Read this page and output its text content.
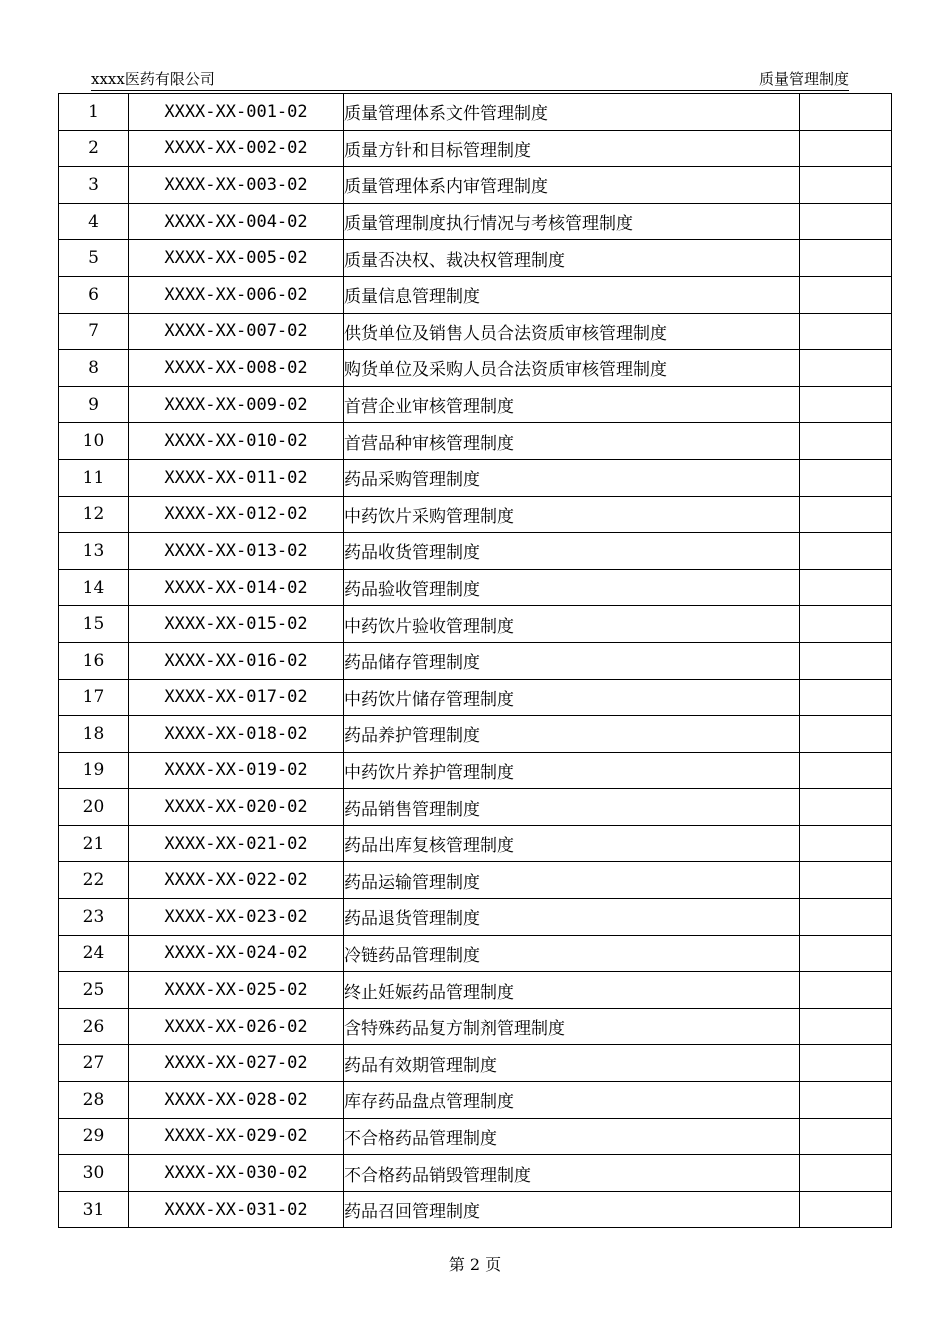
xxxx医药有限公司	质量管理制度
1	XXXX-XX-001-02	质量管理体系文件管理制度	
2	XXXX-XX-002-02	质量方针和目标管理制度	
3	XXXX-XX-003-02	质量管理体系内审管理制度	
4	XXXX-XX-004-02	质量管理制度执行情况与考核管理制度	
5	XXXX-XX-005-02	质量否决权、裁决权管理制度	
6	XXXX-XX-006-02	质量信息管理制度	
7	XXXX-XX-007-02	供货单位及销售人员合法资质审核管理制度	
8	XXXX-XX-008-02	购货单位及采购人员合法资质审核管理制度	
9	XXXX-XX-009-02	首营企业审核管理制度	
10	XXXX-XX-010-02	首营品种审核管理制度	
11	XXXX-XX-011-02	药品采购管理制度	
12	XXXX-XX-012-02	中药饮片采购管理制度	
13	XXXX-XX-013-02	药品收货管理制度	
14	XXXX-XX-014-02	药品验收管理制度	
15	XXXX-XX-015-02	中药饮片验收管理制度	
16	XXXX-XX-016-02	药品储存管理制度	
17	XXXX-XX-017-02	中药饮片储存管理制度	
18	XXXX-XX-018-02	药品养护管理制度	
19	XXXX-XX-019-02	中药饮片养护管理制度	
20	XXXX-XX-020-02	药品销售管理制度	
21	XXXX-XX-021-02	药品出库复核管理制度	
22	XXXX-XX-022-02	药品运输管理制度	
23	XXXX-XX-023-02	药品退货管理制度	
24	XXXX-XX-024-02	冷链药品管理制度	
25	XXXX-XX-025-02	终止妊娠药品管理制度	
26	XXXX-XX-026-02	含特殊药品复方制剂管理制度	
27	XXXX-XX-027-02	药品有效期管理制度	
28	XXXX-XX-028-02	库存药品盘点管理制度	
29	XXXX-XX-029-02	不合格药品管理制度	
30	XXXX-XX-030-02	不合格药品销毁管理制度	
31	XXXX-XX-031-02	药品召回管理制度	
第 2 页
